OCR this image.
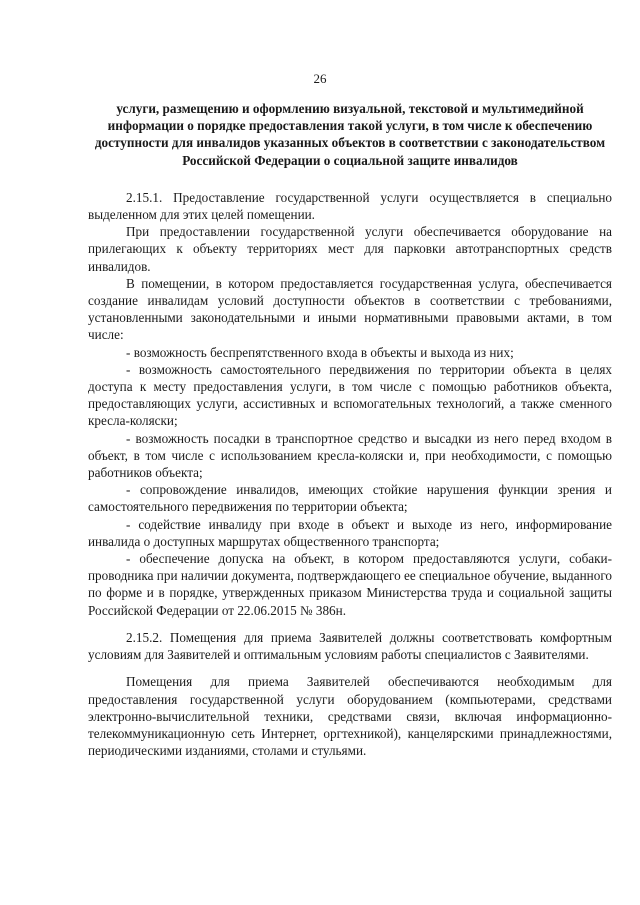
26

услуги, размещению и оформлению визуальной, текстовой и мультимедийной информации о порядке предоставления такой услуги, в том числе к обеспечению доступности для инвалидов указанных объектов в соответствии с законодательством Российской Федерации о социальной защите инвалидов

2.15.1. Предоставление государственной услуги осуществляется в специально выделенном для этих целей помещении.

При предоставлении государственной услуги обеспечивается оборудование на прилегающих к объекту территориях мест для парковки автотранспортных средств инвалидов.

В помещении, в котором предоставляется государственная услуга, обеспечивается создание инвалидам условий доступности объектов в соответствии с требованиями, установленными законодательными и иными нормативными правовыми актами, в том числе:

- возможность беспрепятственного входа в объекты и выхода из них;

- возможность самостоятельного передвижения по территории объекта в целях доступа к месту предоставления услуги, в том числе с помощью работников объекта, предоставляющих услуги, ассистивных и вспомогательных технологий, а также сменного кресла-коляски;

- возможность посадки в транспортное средство и высадки из него перед входом в объект, в том числе с использованием кресла-коляски и, при необходимости, с помощью работников объекта;

- сопровождение инвалидов, имеющих стойкие нарушения функции зрения и самостоятельного передвижения по территории объекта;

- содействие инвалиду при входе в объект и выходе из него, информирование инвалида о доступных маршрутах общественного транспорта;

- обеспечение допуска на объект, в котором предоставляются услуги, собаки-проводника при наличии документа, подтверждающего ее специальное обучение, выданного по форме и в порядке, утвержденных приказом Министерства труда и социальной защиты Российской Федерации от 22.06.2015 № 386н.

2.15.2. Помещения для приема Заявителей должны соответствовать комфортным условиям для Заявителей и оптимальным условиям работы специалистов с Заявителями.

Помещения для приема Заявителей обеспечиваются необходимым для предоставления государственной услуги оборудованием (компьютерами, средствами электронно-вычислительной техники, средствами связи, включая информационно-телекоммуникационную сеть Интернет, оргтехникой), канцелярскими принадлежностями, периодическими изданиями, столами и стульями.
